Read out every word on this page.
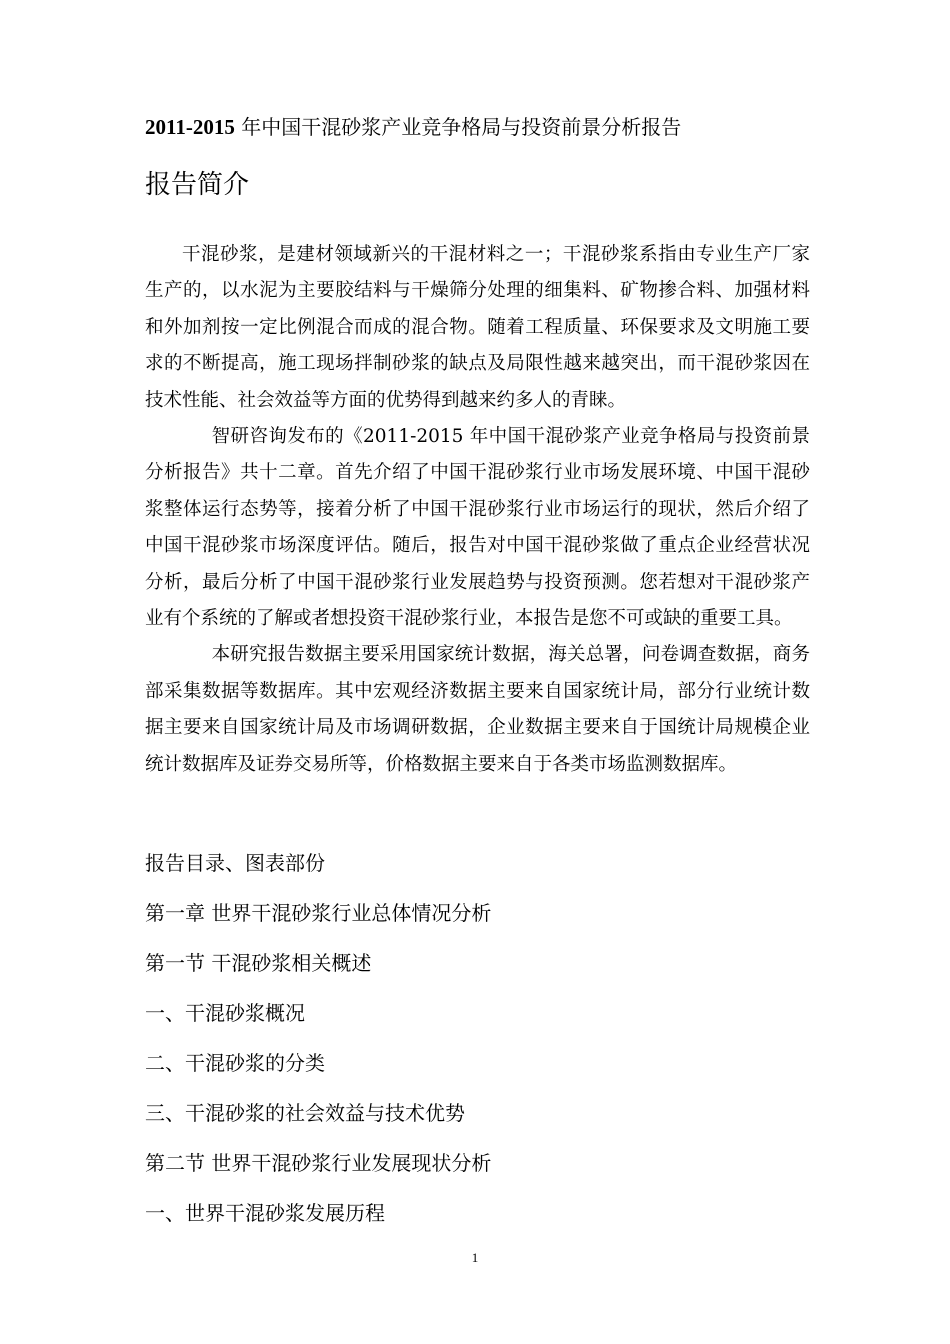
2011-2015 年中国干混砂浆产业竞争格局与投资前景分析报告
报告简介

干混砂浆，是建材领域新兴的干混材料之一；干混砂浆系指由专业生产厂家生产的，以水泥为主要胶结料与干燥筛分处理的细集料、矿物掺合料、加强材料和外加剂按一定比例混合而成的混合物。随着工程质量、环保要求及文明施工要求的不断提高，施工现场拌制砂浆的缺点及局限性越来越突出，而干混砂浆因在技术性能、社会效益等方面的优势得到越来约多人的青睐。

智研咨询发布的《2011-2015 年中国干混砂浆产业竞争格局与投资前景分析报告》共十二章。首先介绍了中国干混砂浆行业市场发展环境、中国干混砂浆整体运行态势等，接着分析了中国干混砂浆行业市场运行的现状，然后介绍了中国干混砂浆市场深度评估。随后，报告对中国干混砂浆做了重点企业经营状况分析，最后分析了中国干混砂浆行业发展趋势与投资预测。您若想对干混砂浆产业有个系统的了解或者想投资干混砂浆行业，本报告是您不可或缺的重要工具。

本研究报告数据主要采用国家统计数据，海关总署，问卷调查数据，商务部采集数据等数据库。其中宏观经济数据主要来自国家统计局，部分行业统计数据主要来自国家统计局及市场调研数据，企业数据主要来自于国统计局规模企业统计数据库及证券交易所等，价格数据主要来自于各类市场监测数据库。

报告目录、图表部份
第一章 世界干混砂浆行业总体情况分析
第一节 干混砂浆相关概述
一、干混砂浆概况
二、干混砂浆的分类
三、干混砂浆的社会效益与技术优势
第二节 世界干混砂浆行业发展现状分析
一、世界干混砂浆发展历程
1
